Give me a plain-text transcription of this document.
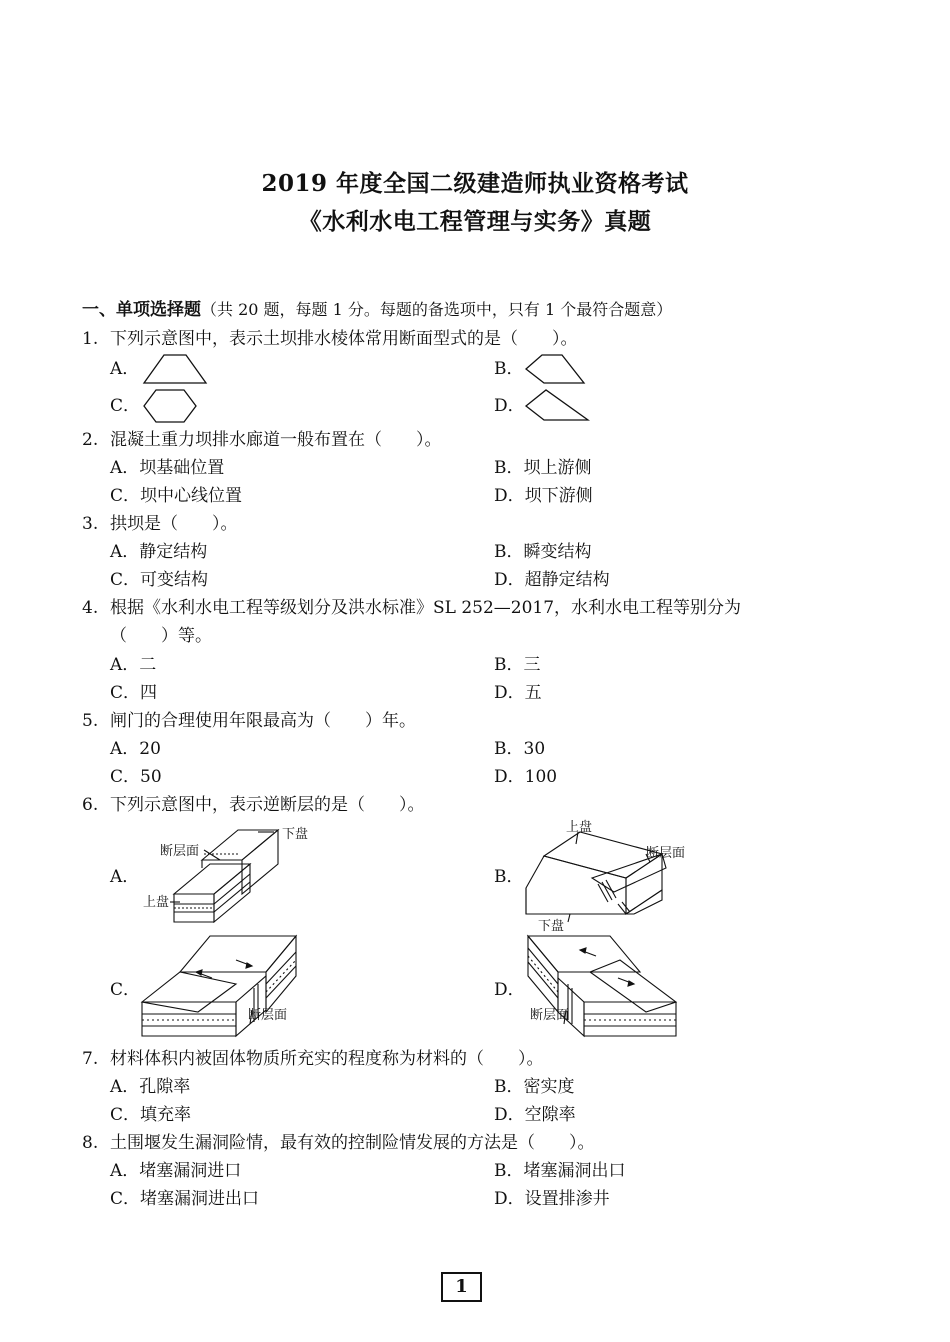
2019 年度全国二级建造师执业资格考试
《水利水电工程管理与实务》真题
一、单项选择题（共 20 题，每题 1 分。每题的备选项中，只有 1 个最符合题意）
1. 下列示意图中，表示土坝排水棱体常用断面型式的是（　　）。
A．	B．
C．	D．
2. 混凝土重力坝排水廊道一般布置在（　　）。
A．坝基础位置	B．坝上游侧
C．坝中心线位置	D．坝下游侧
3. 拱坝是（　　）。
A．静定结构	B．瞬变结构
C．可变结构	D．超静定结构
4. 根据《水利水电工程等级划分及洪水标准》SL 252—2017，水利水电工程等别分为
（　　）等。
A．二	B．三
C．四	D．五
5. 闸门的合理使用年限最高为（　　）年。
A．20	B．30
C．50	D．100
6. 下列示意图中，表示逆断层的是（　　）。
A．
断层面
下盘
上盘
B．
上盘
断层面
下盘
C．
断层面
D．
断层面
7. 材料体积内被固体物质所充实的程度称为材料的（　　）。
A．孔隙率	B．密实度
C．填充率	D．空隙率
8. 土围堰发生漏洞险情，最有效的控制险情发展的方法是（　　）。
A．堵塞漏洞进口	B．堵塞漏洞出口
C．堵塞漏洞进出口	D．设置排渗井
1
